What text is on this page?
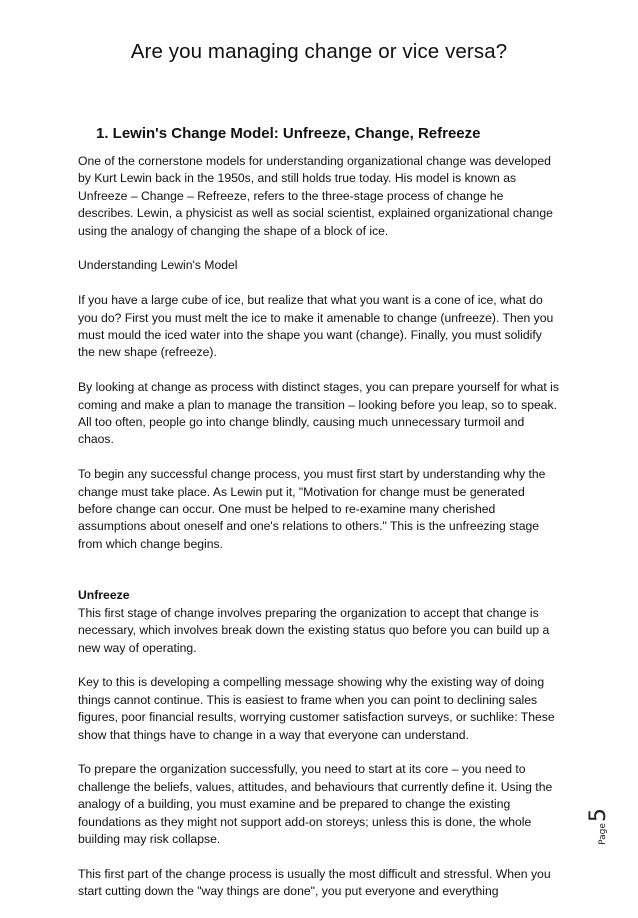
Are you managing change or vice versa?
1. Lewin's Change Model: Unfreeze, Change, Refreeze

One of the cornerstone models for understanding organizational change was developed by Kurt Lewin back in the 1950s, and still holds true today. His model is known as Unfreeze – Change – Refreeze, refers to the three-stage process of change he describes. Lewin, a physicist as well as social scientist, explained organizational change using the analogy of changing the shape of a block of ice.

Understanding Lewin's Model

If you have a large cube of ice, but realize that what you want is a cone of ice, what do you do? First you must melt the ice to make it amenable to change (unfreeze). Then you must mould the iced water into the shape you want (change). Finally, you must solidify the new shape (refreeze).

By looking at change as process with distinct stages, you can prepare yourself for what is coming and make a plan to manage the transition – looking before you leap, so to speak. All too often, people go into change blindly, causing much unnecessary turmoil and chaos.

To begin any successful change process, you must first start by understanding why the change must take place. As Lewin put it, "Motivation for change must be generated before change can occur. One must be helped to re-examine many cherished assumptions about oneself and one's relations to others." This is the unfreezing stage from which change begins.

Unfreeze

This first stage of change involves preparing the organization to accept that change is necessary, which involves break down the existing status quo before you can build up a new way of operating.

Key to this is developing a compelling message showing why the existing way of doing things cannot continue. This is easiest to frame when you can point to declining sales figures, poor financial results, worrying customer satisfaction surveys, or suchlike: These show that things have to change in a way that everyone can understand.

To prepare the organization successfully, you need to start at its core – you need to challenge the beliefs, values, attitudes, and behaviours that currently define it. Using the analogy of a building, you must examine and be prepared to change the existing foundations as they might not support add-on storeys; unless this is done, the whole building may risk collapse.

This first part of the change process is usually the most difficult and stressful. When you start cutting down the "way things are done", you put everyone and everything

Page
5
